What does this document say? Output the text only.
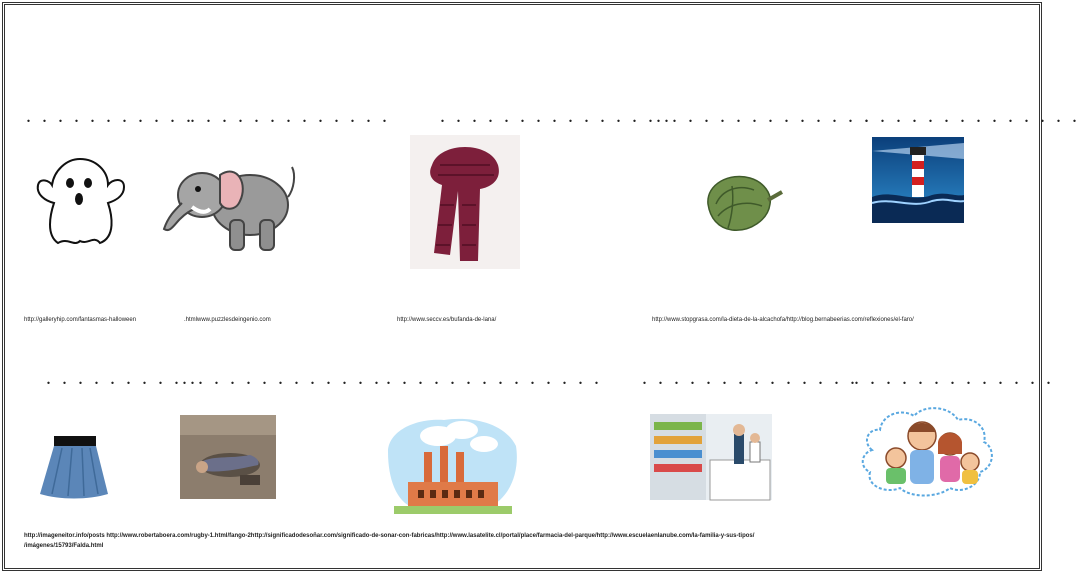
. . . . . . . . . . .
. . . . . . . . . . . . .	. . . . . . . . . . . . . . .
. . . . . . . . . . . . . .
. . . . . . . . . . . . . .
http://galleryhip.com/fantasmas-halloween	.htmlwww.puzzlesdeingenio.com	http://www.seccv.es/bufanda-de-lana/	http://www.stopgrasa.com/la-dieta-de-la-alcachofa/http://blog.bernabeerias.com/reflexiones/el-faro/
. . . . . . . . . .
. . . . . . . . . . . . . . . . . . . . . . . . . . . . . . . . . . . . . . . . .
. . . . . . . . . . . . .
http://imageneitor.info/posts http://www.robertaboera.com/rugby-1.html/fango-2http://significadodesoñar.com/significado-de-sonar-con-fabricas/http://www.lasatelite.cl/portal/place/farmacia-del-parque/http://www.escuelaenlanube.com/la-familia-y-sus-tipos/
/imágenes/15793/Falda.html
